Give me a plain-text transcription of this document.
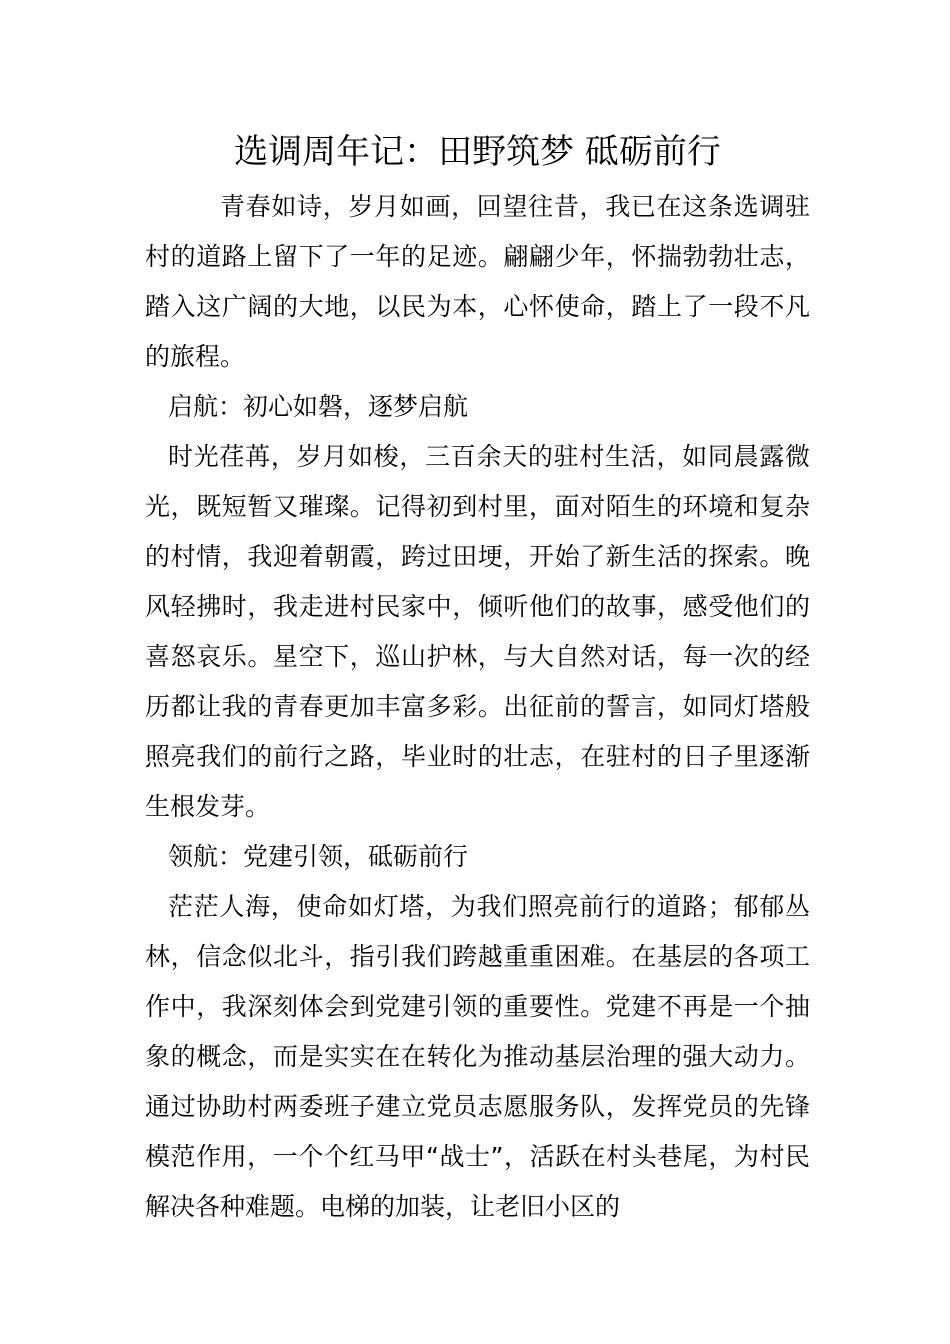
选调周年记：田野筑梦 砥砺前行

青春如诗，岁月如画，回望往昔，我已在这条选调驻村的道路上留下了一年的足迹。翩翩少年，怀揣勃勃壮志，踏入这广阔的大地，以民为本，心怀使命，踏上了一段不凡的旅程。

启航：初心如磐，逐梦启航

时光荏苒，岁月如梭，三百余天的驻村生活，如同晨露微光，既短暂又璀璨。记得初到村里，面对陌生的环境和复杂的村情，我迎着朝霞，跨过田埂，开始了新生活的探索。晚风轻拂时，我走进村民家中，倾听他们的故事，感受他们的喜怒哀乐。星空下，巡山护林，与大自然对话，每一次的经历都让我的青春更加丰富多彩。出征前的誓言，如同灯塔般照亮我们的前行之路，毕业时的壮志，在驻村的日子里逐渐生根发芽。

领航：党建引领，砥砺前行

茫茫人海，使命如灯塔，为我们照亮前行的道路；郁郁丛林，信念似北斗，指引我们跨越重重困难。在基层的各项工作中，我深刻体会到党建引领的重要性。党建不再是一个抽象的概念，而是实实在在转化为推动基层治理的强大动力。通过协助村两委班子建立党员志愿服务队，发挥党员的先锋模范作用，一个个红马甲“战士”，活跃在村头巷尾，为村民解决各种难题。电梯的加装，让老旧小区的
